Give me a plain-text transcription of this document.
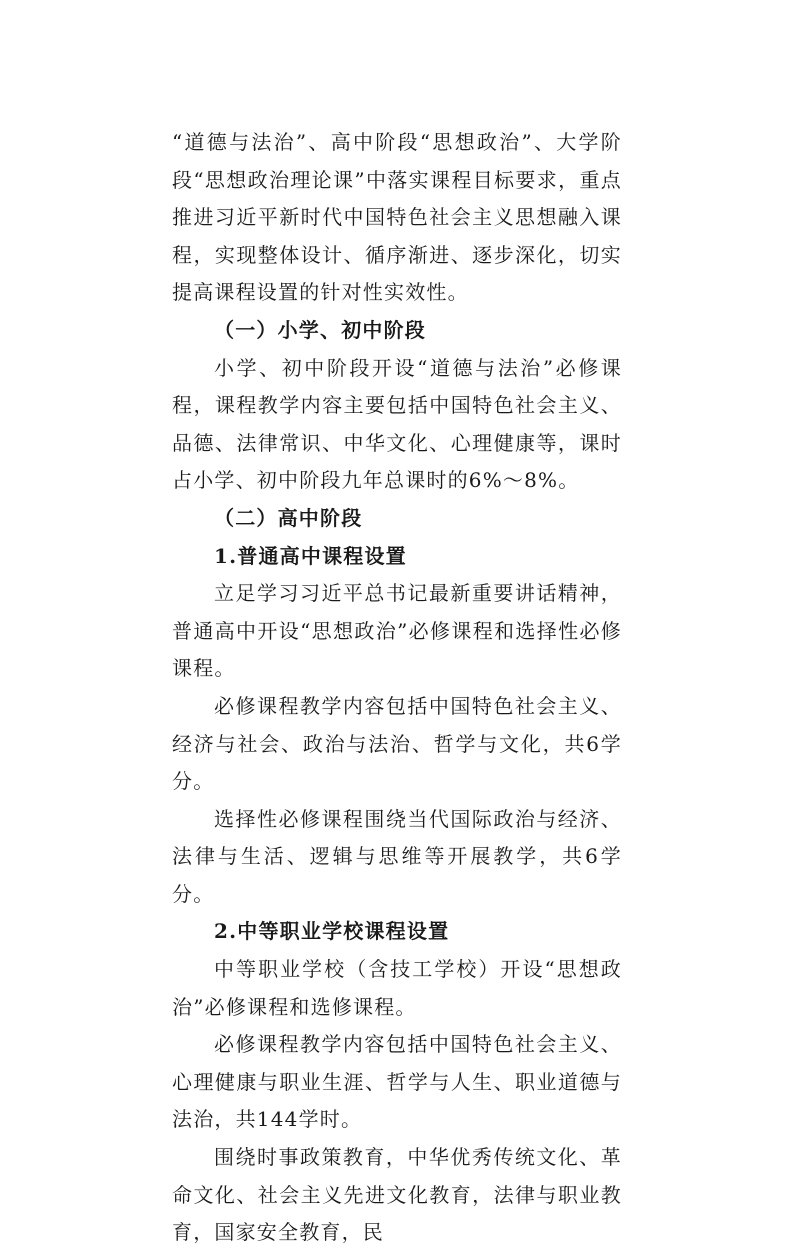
“道德与法治”、高中阶段“思想政治”、大学阶段“思想政治理论课”中落实课程目标要求，重点推进习近平新时代中国特色社会主义思想融入课程，实现整体设计、循序渐进、逐步深化，切实提高课程设置的针对性实效性。

（一）小学、初中阶段

小学、初中阶段开设“道德与法治”必修课程，课程教学内容主要包括中国特色社会主义、品德、法律常识、中华文化、心理健康等，课时占小学、初中阶段九年总课时的6%～8%。

（二）高中阶段

1.普通高中课程设置

立足学习习近平总书记最新重要讲话精神，普通高中开设“思想政治”必修课程和选择性必修课程。

必修课程教学内容包括中国特色社会主义、经济与社会、政治与法治、哲学与文化，共6学分。

选择性必修课程围绕当代国际政治与经济、法律与生活、逻辑与思维等开展教学，共6学分。

2.中等职业学校课程设置

中等职业学校（含技工学校）开设“思想政治”必修课程和选修课程。

必修课程教学内容包括中国特色社会主义、心理健康与职业生涯、哲学与人生、职业道德与法治，共144学时。

围绕时事政策教育，中华优秀传统文化、革命文化、社会主义先进文化教育，法律与职业教育，国家安全教育，民
